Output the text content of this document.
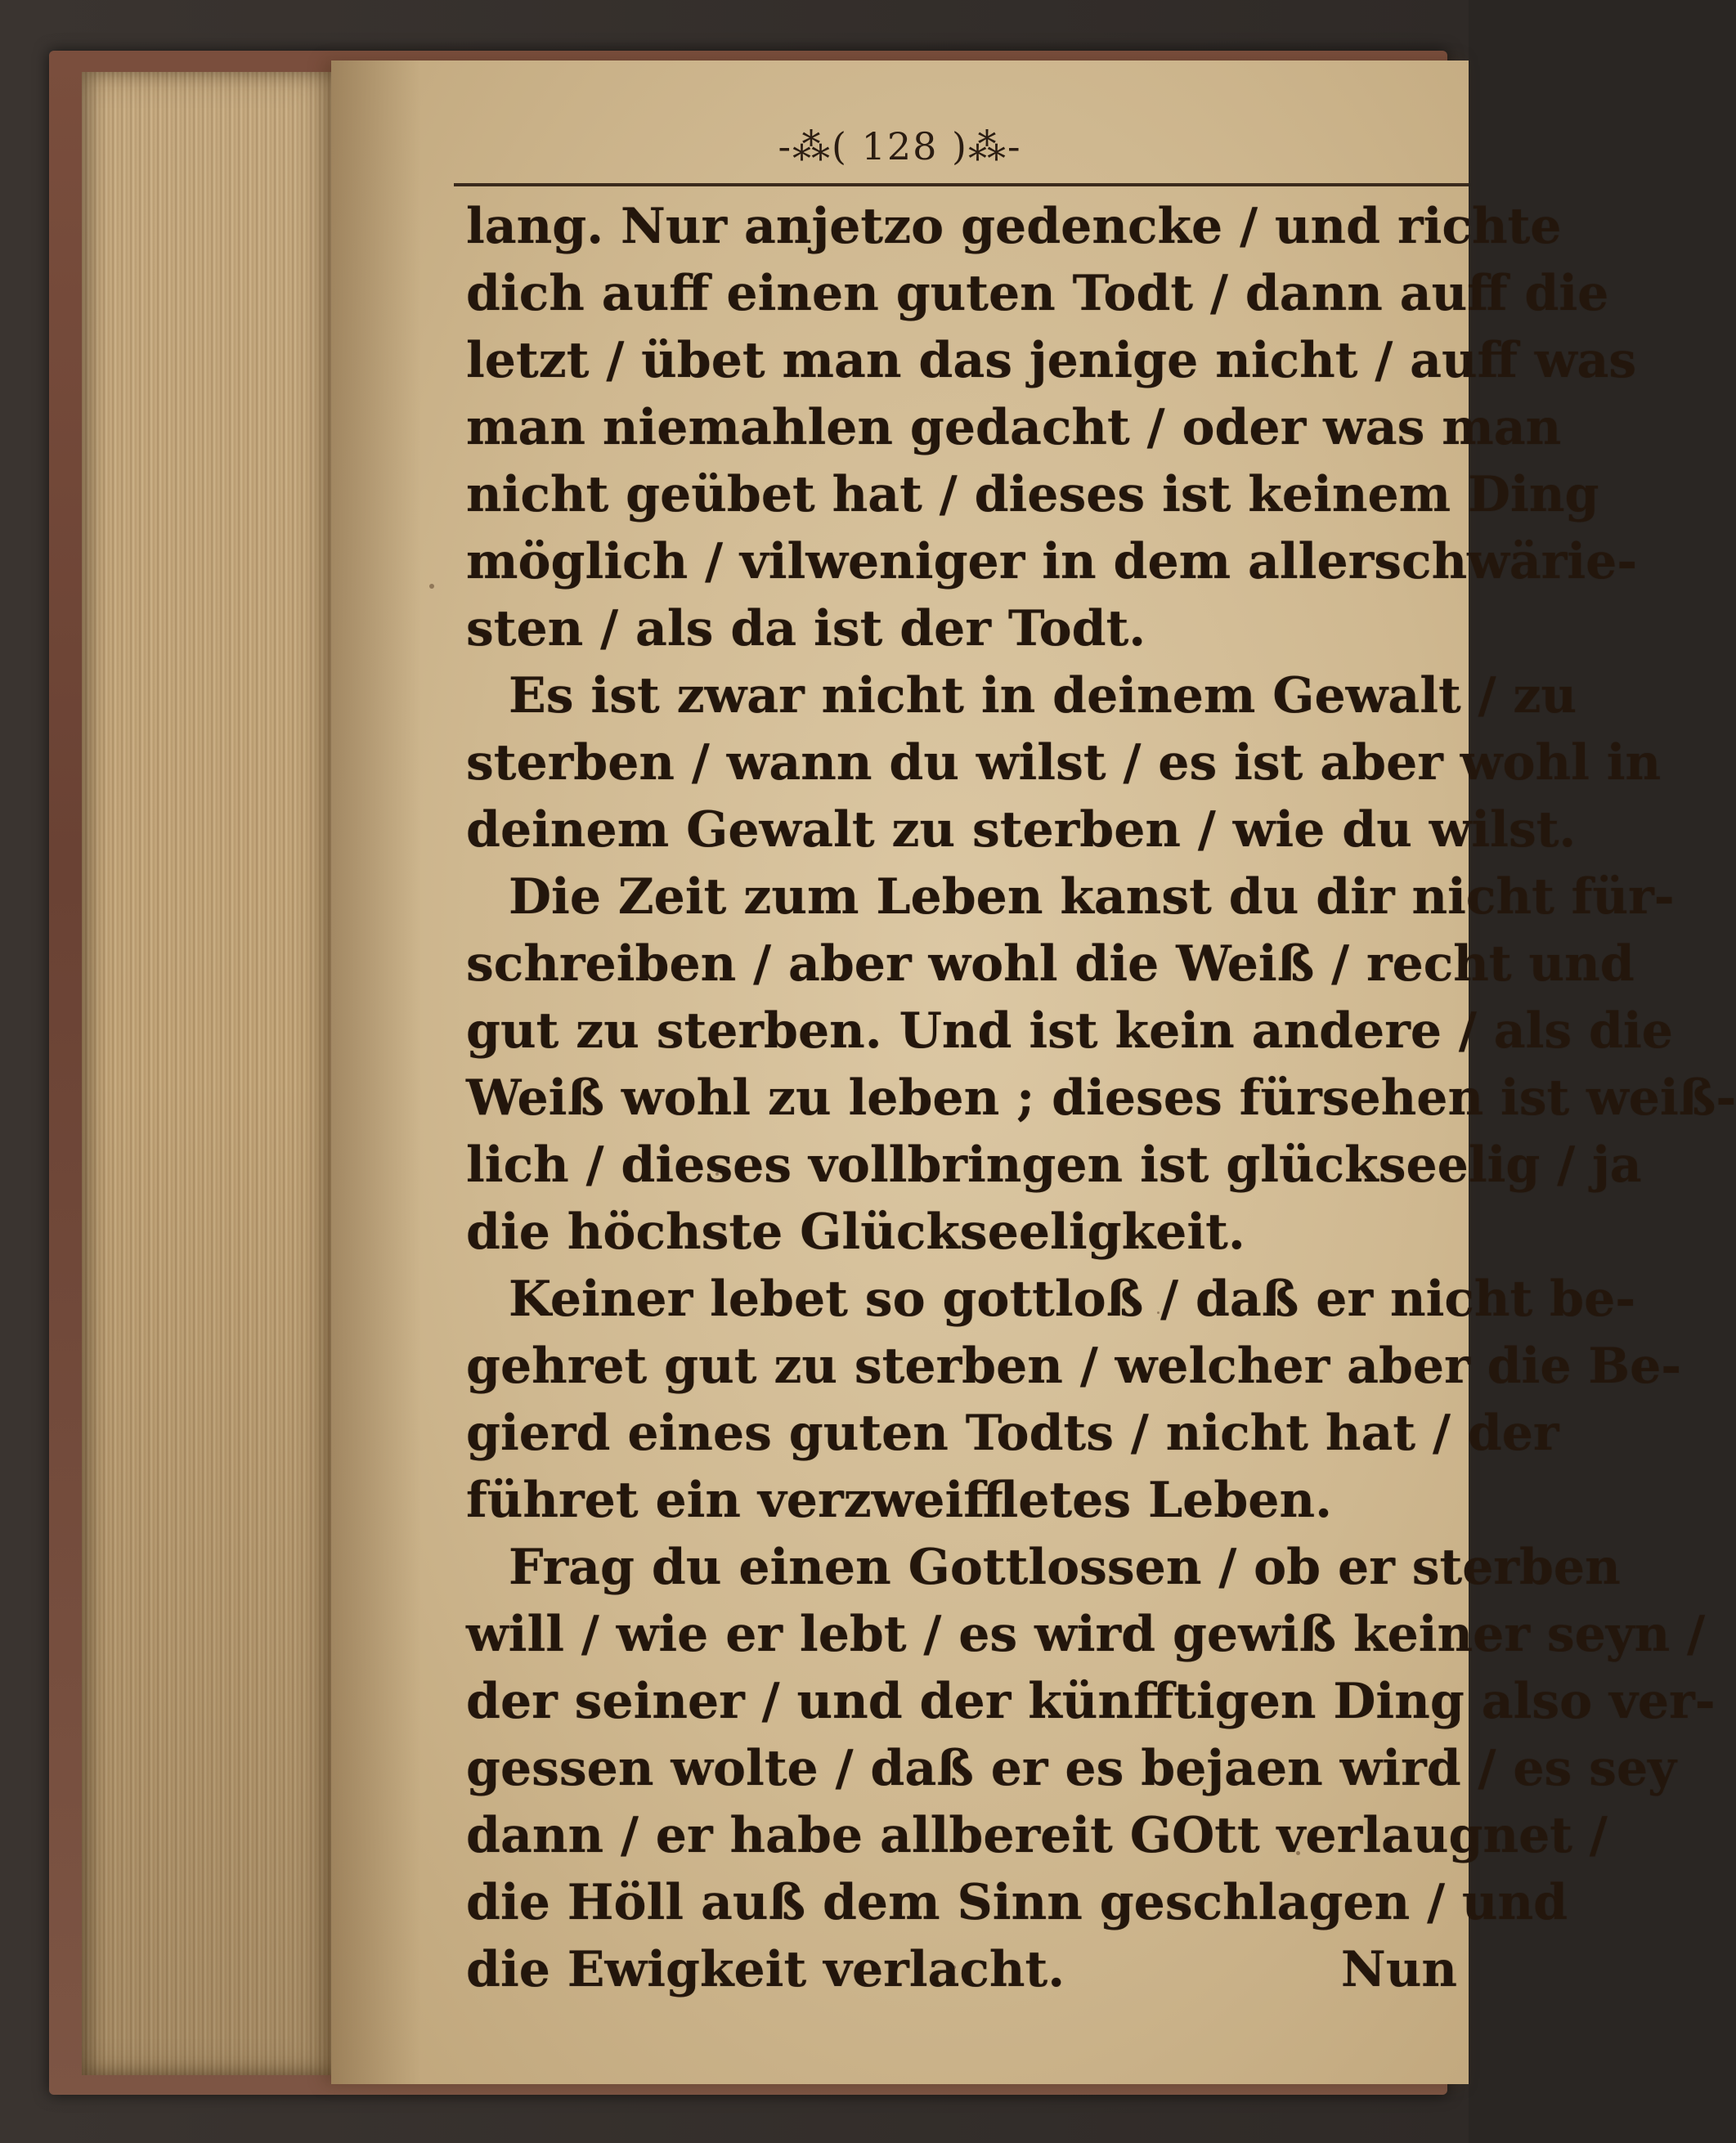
-⁂( 128 )⁂-
lang. Nur anjetzo gedencke / und richte
dich auff einen guten Todt / dann auff die
letzt / übet man das jenige nicht / auff was
man niemahlen gedacht / oder was man
nicht geübet hat / dieses ist keinem Ding
möglich / vilweniger in dem allerschwärie-
sten / als da ist der Todt.
Es ist zwar nicht in deinem Gewalt / zu
sterben / wann du wilst / es ist aber wohl in
deinem Gewalt zu sterben / wie du wilst.
Die Zeit zum Leben kanst du dir nicht für-
schreiben / aber wohl die Weiß / recht und
gut zu sterben. Und ist kein andere / als die
Weiß wohl zu leben ; dieses fürsehen ist weiß-
lich / dieses vollbringen ist glückseelig / ja
die höchste Glückseeligkeit.
Keiner lebet so gottloß / daß er nicht be-
gehret gut zu sterben / welcher aber die Be-
gierd eines guten Todts / nicht hat / der
führet ein verzweiffletes Leben.
Frag du einen Gottlossen / ob er sterben
will / wie er lebt / es wird gewiß keiner seyn /
der seiner / und der künfftigen Ding also ver-
gessen wolte / daß er es bejaen wird / es sey
dann / er habe allbereit GOtt verlaugnet /
die Höll auß dem Sinn geschlagen / und
die Ewigkeit verlacht.	Nun
